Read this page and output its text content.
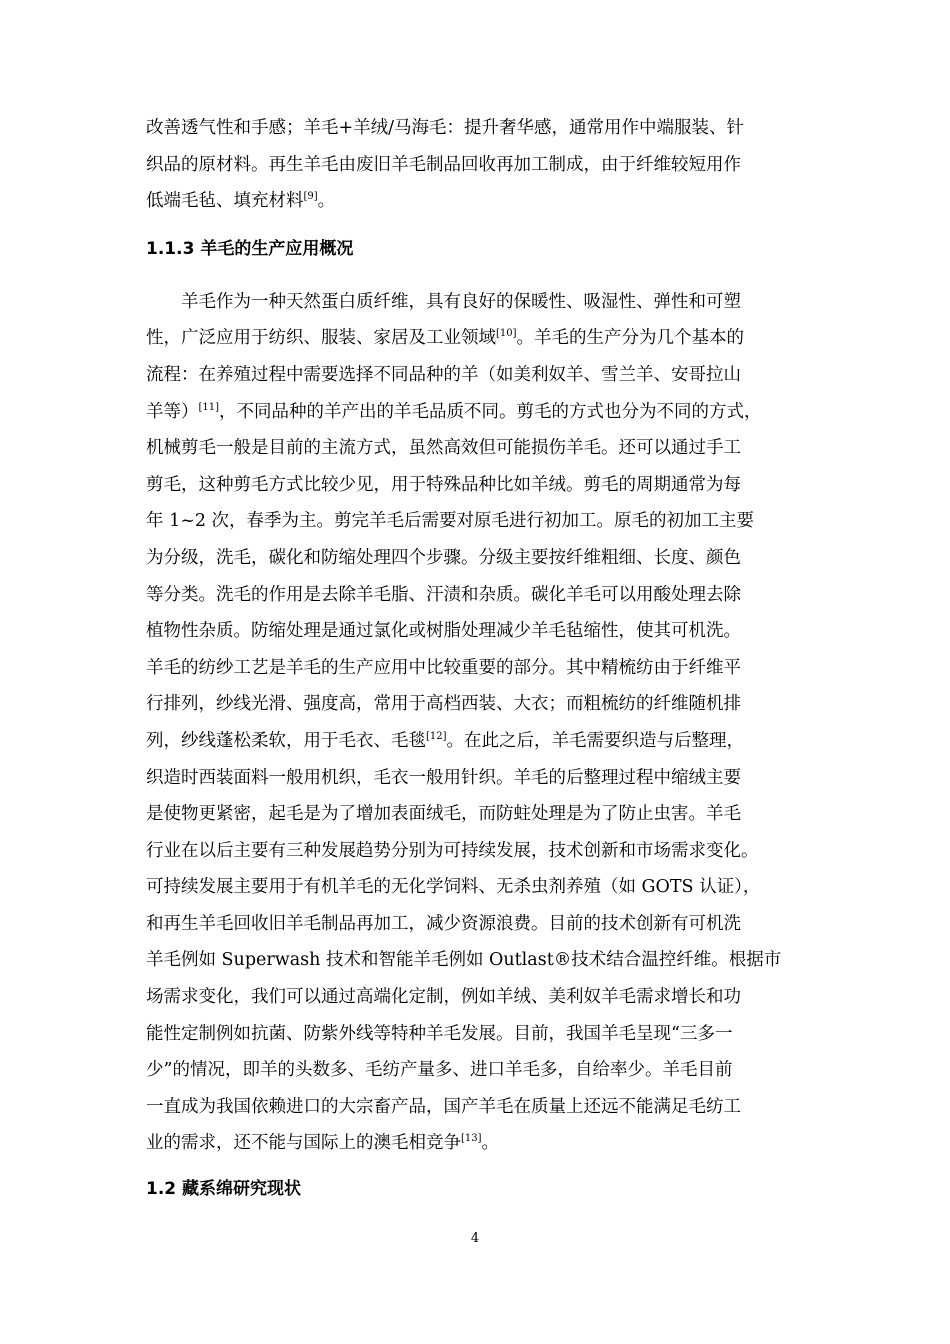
改善透气性和手感；羊毛+羊绒/马海毛：提升奢华感，通常用作中端服装、针
织品的原材料。再生羊毛由废旧羊毛制品回收再加工制成，由于纤维较短用作
低端毛毡、填充材料[9]。

1.1.3 羊毛的生产应用概况

　　羊毛作为一种天然蛋白质纤维，具有良好的保暖性、吸湿性、弹性和可塑
性，广泛应用于纺织、服装、家居及工业领域[10]。羊毛的生产分为几个基本的
流程：在养殖过程中需要选择不同品种的羊（如美利奴羊、雪兰羊、安哥拉山
羊等）[11]，不同品种的羊产出的羊毛品质不同。剪毛的方式也分为不同的方式，
机械剪毛一般是目前的主流方式，虽然高效但可能损伤羊毛。还可以通过手工
剪毛，这种剪毛方式比较少见，用于特殊品种比如羊绒。剪毛的周期通常为每
年 1~2 次，春季为主。剪完羊毛后需要对原毛进行初加工。原毛的初加工主要
为分级，洗毛，碳化和防缩处理四个步骤。分级主要按纤维粗细、长度、颜色
等分类。洗毛的作用是去除羊毛脂、汗渍和杂质。碳化羊毛可以用酸处理去除
植物性杂质。防缩处理是通过氯化或树脂处理减少羊毛毡缩性，使其可机洗。
羊毛的纺纱工艺是羊毛的生产应用中比较重要的部分。其中精梳纺由于纤维平
行排列，纱线光滑、强度高，常用于高档西装、大衣；而粗梳纺的纤维随机排
列，纱线蓬松柔软，用于毛衣、毛毯[12]。在此之后，羊毛需要织造与后整理，
织造时西装面料一般用机织，毛衣一般用针织。羊毛的后整理过程中缩绒主要
是使物更紧密，起毛是为了增加表面绒毛，而防蛀处理是为了防止虫害。羊毛
行业在以后主要有三种发展趋势分别为可持续发展，技术创新和市场需求变化。
可持续发展主要用于有机羊毛的无化学饲料、无杀虫剂养殖（如 GOTS 认证），
和再生羊毛回收旧羊毛制品再加工，减少资源浪费。目前的技术创新有可机洗
羊毛例如 Superwash 技术和智能羊毛例如 Outlast®技术结合温控纤维。根据市
场需求变化，我们可以通过高端化定制，例如羊绒、美利奴羊毛需求增长和功
能性定制例如抗菌、防紫外线等特种羊毛发展。目前，我国羊毛呈现“三多一
少”的情况，即羊的头数多、毛纺产量多、进口羊毛多，自给率少。羊毛目前
一直成为我国依赖进口的大宗畜产品，国产羊毛在质量上还远不能满足毛纺工
业的需求，还不能与国际上的澳毛相竞争[13]。

1.2 藏系绵研究现状
4
